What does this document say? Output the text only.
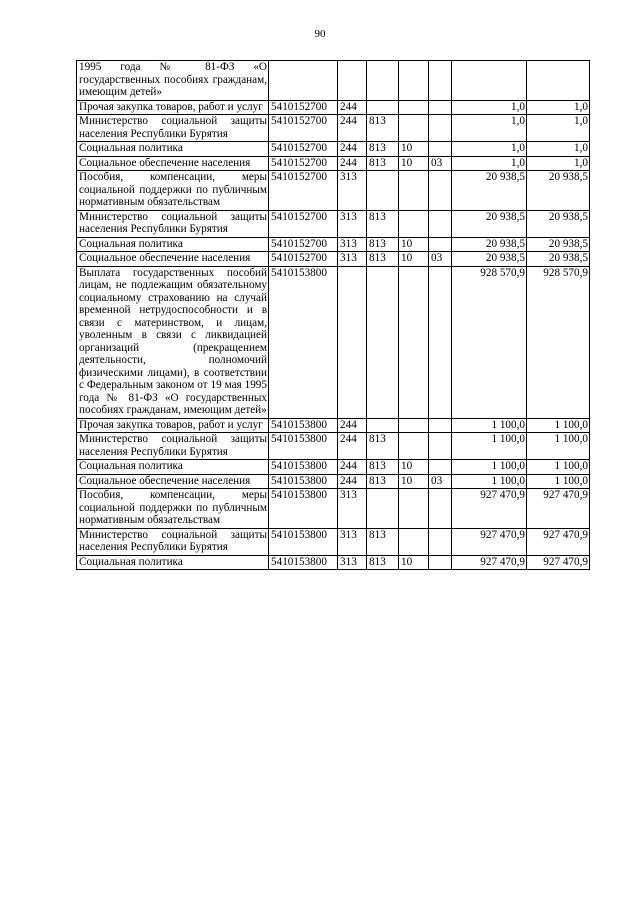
90
1995 года № 81-ФЗ «О государственных пособиях гражданам, имеющим детей»							
Прочая закупка товаров, работ и услуг	5410152700	244				1,0	1,0
Министерство социальной защиты населения Республики Бурятия	5410152700	244	813			1,0	1,0
Социальная политика	5410152700	244	813	10		1,0	1,0
Социальное обеспечение населения	5410152700	244	813	10	03	1,0	1,0
Пособия, компенсации, меры социальной поддержки по публичным нормативным обязательствам	5410152700	313				20 938,5	20 938,5
Министерство социальной защиты населения Республики Бурятия	5410152700	313	813			20 938,5	20 938,5
Социальная политика	5410152700	313	813	10		20 938,5	20 938,5
Социальное обеспечение населения	5410152700	313	813	10	03	20 938,5	20 938,5
Выплата государственных пособий лицам, не подлежащим обязательному социальному страхованию на случай временной нетрудоспособности и в связи с материнством, и лицам, уволенным в связи с ликвидацией организаций (прекращением деятельности, полномочий физическими лицами), в соответствии с Федеральным законом от 19 мая 1995 года № 81-ФЗ «О государственных пособиях гражданам, имеющим детей»	5410153800					928 570,9	928 570,9
Прочая закупка товаров, работ и услуг	5410153800	244				1 100,0	1 100,0
Министерство социальной защиты населения Республики Бурятия	5410153800	244	813			1 100,0	1 100,0
Социальная политика	5410153800	244	813	10		1 100,0	1 100,0
Социальное обеспечение населения	5410153800	244	813	10	03	1 100,0	1 100,0
Пособия, компенсации, меры социальной поддержки по публичным нормативным обязательствам	5410153800	313				927 470,9	927 470,9
Министерство социальной защиты населения Республики Бурятия	5410153800	313	813			927 470,9	927 470,9
Социальная политика	5410153800	313	813	10		927 470,9	927 470,9
